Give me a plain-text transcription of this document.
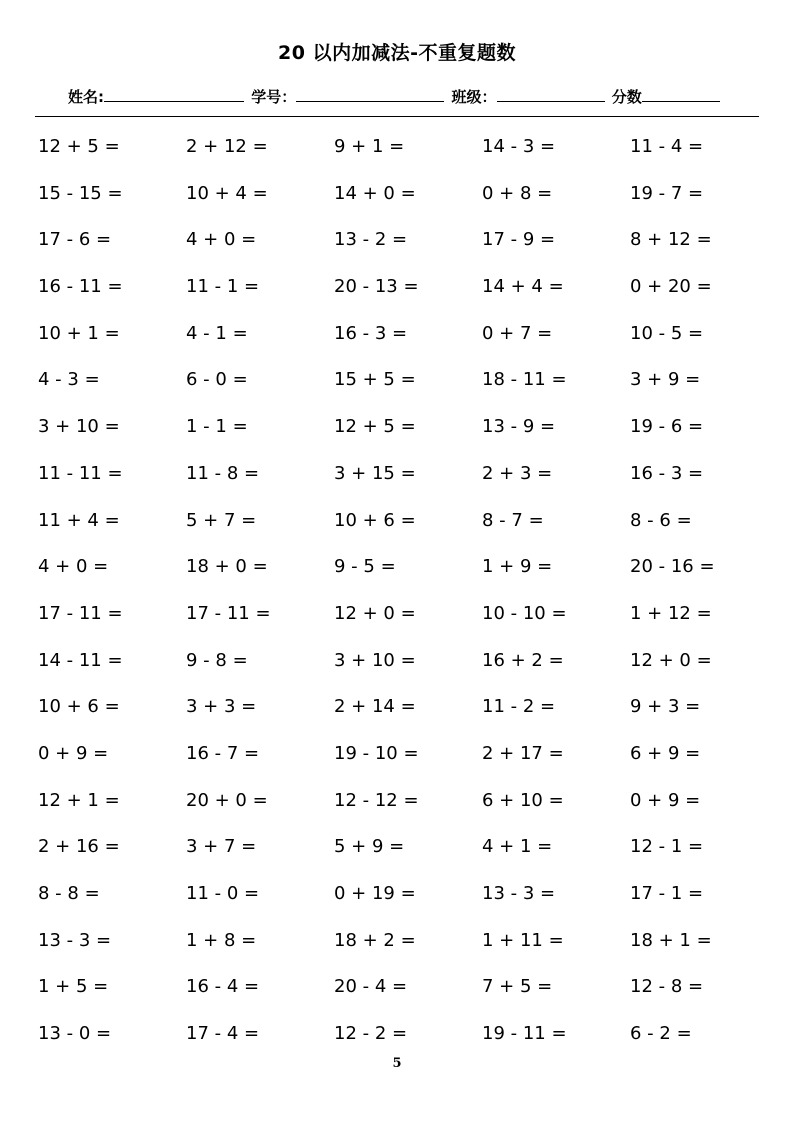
20 以内加减法-不重复题数
姓名:	学号：	班级：	分数
12 + 5 =	2 + 12 =	9 + 1 =	14 - 3 =	11 - 4 =
15 - 15 =	10 + 4 =	14 + 0 =	0 + 8 =	19 - 7 =
17 - 6 =	4 + 0 =	13 - 2 =	17 - 9 =	8 + 12 =
16 - 11 =	11 - 1 =	20 - 13 =	14 + 4 =	0 + 20 =
10 + 1 =	4 - 1 =	16 - 3 =	0 + 7 =	10 - 5 =
4 - 3 =	6 - 0 =	15 + 5 =	18 - 11 =	3 + 9 =
3 + 10 =	1 - 1 =	12 + 5 =	13 - 9 =	19 - 6 =
11 - 11 =	11 - 8 =	3 + 15 =	2 + 3 =	16 - 3 =
11 + 4 =	5 + 7 =	10 + 6 =	8 - 7 =	8 - 6 =
4 + 0 =	18 + 0 =	9 - 5 =	1 + 9 =	20 - 16 =
17 - 11 =	17 - 11 =	12 + 0 =	10 - 10 =	1 + 12 =
14 - 11 =	9 - 8 =	3 + 10 =	16 + 2 =	12 + 0 =
10 + 6 =	3 + 3 =	2 + 14 =	11 - 2 =	9 + 3 =
0 + 9 =	16 - 7 =	19 - 10 =	2 + 17 =	6 + 9 =
12 + 1 =	20 + 0 =	12 - 12 =	6 + 10 =	0 + 9 =
2 + 16 =	3 + 7 =	5 + 9 =	4 + 1 =	12 - 1 =
8 - 8 =	11 - 0 =	0 + 19 =	13 - 3 =	17 - 1 =
13 - 3 =	1 + 8 =	18 + 2 =	1 + 11 =	18 + 1 =
1 + 5 =	16 - 4 =	20 - 4 =	7 + 5 =	12 - 8 =
13 - 0 =	17 - 4 =	12 - 2 =	19 - 11 =	6 - 2 =
5
